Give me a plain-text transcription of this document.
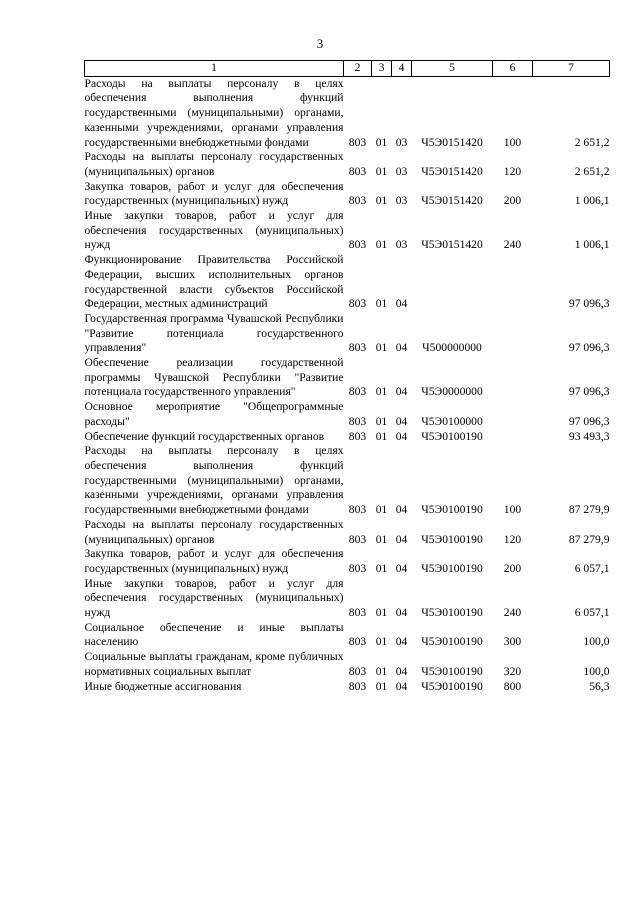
3
1	2	3	4	5	6	7
Расходы на выплаты персоналу в целях обеспечения выполнения функций государственными (муниципальными) органами, казенными учреждениями, органами управления государственными внебюджетными фондами	803	01	03	Ч5Э0151420	100	2 651,2
Расходы на выплаты персоналу государственных (муниципальных) органов	803	01	03	Ч5Э0151420	120	2 651,2
Закупка товаров, работ и услуг для обеспечения государственных (муниципальных) нужд	803	01	03	Ч5Э0151420	200	1 006,1
Иные закупки товаров, работ и услуг для обеспечения государственных (муниципальных) нужд	803	01	03	Ч5Э0151420	240	1 006,1
Функционирование Правительства Российской Федерации, высших исполнительных органов государственной власти субъектов Российской Федерации, местных администраций	803	01	04			97 096,3
Государственная программа Чувашской Республики "Развитие потенциала государственного управления"	803	01	04	Ч500000000		97 096,3
Обеспечение реализации государственной программы Чувашской Республики "Развитие потенциала государственного управления"	803	01	04	Ч5Э0000000		97 096,3
Основное мероприятие "Общепрограммные расходы"	803	01	04	Ч5Э0100000		97 096,3
Обеспечение функций государственных органов	803	01	04	Ч5Э0100190		93 493,3
Расходы на выплаты персоналу в целях обеспечения выполнения функций государственными (муниципальными) органами, казенными учреждениями, органами управления государственными внебюджетными фондами	803	01	04	Ч5Э0100190	100	87 279,9
Расходы на выплаты персоналу государственных (муниципальных) органов	803	01	04	Ч5Э0100190	120	87 279,9
Закупка товаров, работ и услуг для обеспечения государственных (муниципальных) нужд	803	01	04	Ч5Э0100190	200	6 057,1
Иные закупки товаров, работ и услуг для обеспечения государственных (муниципальных) нужд	803	01	04	Ч5Э0100190	240	6 057,1
Социальное обеспечение и иные выплаты населению	803	01	04	Ч5Э0100190	300	100,0
Социальные выплаты гражданам, кроме публичных нормативных социальных выплат	803	01	04	Ч5Э0100190	320	100,0
Иные бюджетные ассигнования	803	01	04	Ч5Э0100190	800	56,3
